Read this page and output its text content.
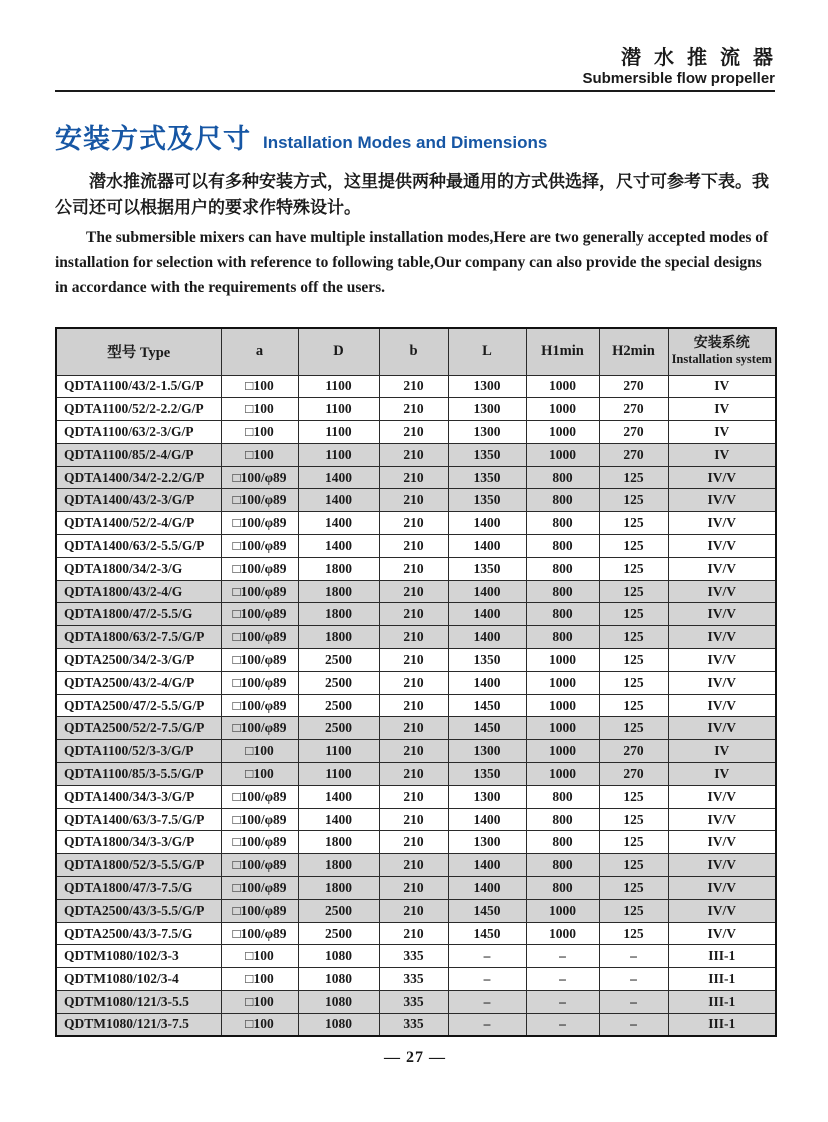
潜水推流器
Submersible flow propeller
安装方式及尺寸 Installation Modes and Dimensions

潜水推流器可以有多种安装方式，这里提供两种最通用的方式供选择，尺寸可参考下表。我公司还可以根据用户的要求作特殊设计。

The submersible mixers can have multiple installation modes,Here are two generally accepted modes of installation for selection with reference to following table,Our company can also provide the special designs in accordance with the requirements off the users.

型号 Type	a	D	b	L	H1min	H2min	安装系统
Installation system

QDTA1100/43/2-1.5/G/P	□100	1100	210	1300	1000	270	IV
QDTA1100/52/2-2.2/G/P	□100	1100	210	1300	1000	270	IV
QDTA1100/63/2-3/G/P	□100	1100	210	1300	1000	270	IV
QDTA1100/85/2-4/G/P	□100	1100	210	1350	1000	270	IV
QDTA1400/34/2-2.2/G/P	□100/φ89	1400	210	1350	800	125	IV/V
QDTA1400/43/2-3/G/P	□100/φ89	1400	210	1350	800	125	IV/V
QDTA1400/52/2-4/G/P	□100/φ89	1400	210	1400	800	125	IV/V
QDTA1400/63/2-5.5/G/P	□100/φ89	1400	210	1400	800	125	IV/V
QDTA1800/34/2-3/G	□100/φ89	1800	210	1350	800	125	IV/V
QDTA1800/43/2-4/G	□100/φ89	1800	210	1400	800	125	IV/V
QDTA1800/47/2-5.5/G	□100/φ89	1800	210	1400	800	125	IV/V
QDTA1800/63/2-7.5/G/P	□100/φ89	1800	210	1400	800	125	IV/V
QDTA2500/34/2-3/G/P	□100/φ89	2500	210	1350	1000	125	IV/V
QDTA2500/43/2-4/G/P	□100/φ89	2500	210	1400	1000	125	IV/V
QDTA2500/47/2-5.5/G/P	□100/φ89	2500	210	1450	1000	125	IV/V
QDTA2500/52/2-7.5/G/P	□100/φ89	2500	210	1450	1000	125	IV/V
QDTA1100/52/3-3/G/P	□100	1100	210	1300	1000	270	IV
QDTA1100/85/3-5.5/G/P	□100	1100	210	1350	1000	270	IV
QDTA1400/34/3-3/G/P	□100/φ89	1400	210	1300	800	125	IV/V
QDTA1400/63/3-7.5/G/P	□100/φ89	1400	210	1400	800	125	IV/V
QDTA1800/34/3-3/G/P	□100/φ89	1800	210	1300	800	125	IV/V
QDTA1800/52/3-5.5/G/P	□100/φ89	1800	210	1400	800	125	IV/V
QDTA1800/47/3-7.5/G	□100/φ89	1800	210	1400	800	125	IV/V
QDTA2500/43/3-5.5/G/P	□100/φ89	2500	210	1450	1000	125	IV/V
QDTA2500/43/3-7.5/G	□100/φ89	2500	210	1450	1000	125	IV/V
QDTM1080/102/3-3	□100	1080	335	–	–	–	III-1
QDTM1080/102/3-4	□100	1080	335	–	–	–	III-1
QDTM1080/121/3-5.5	□100	1080	335	–	–	–	III-1
QDTM1080/121/3-7.5	□100	1080	335	–	–	–	III-1
— 27 —
